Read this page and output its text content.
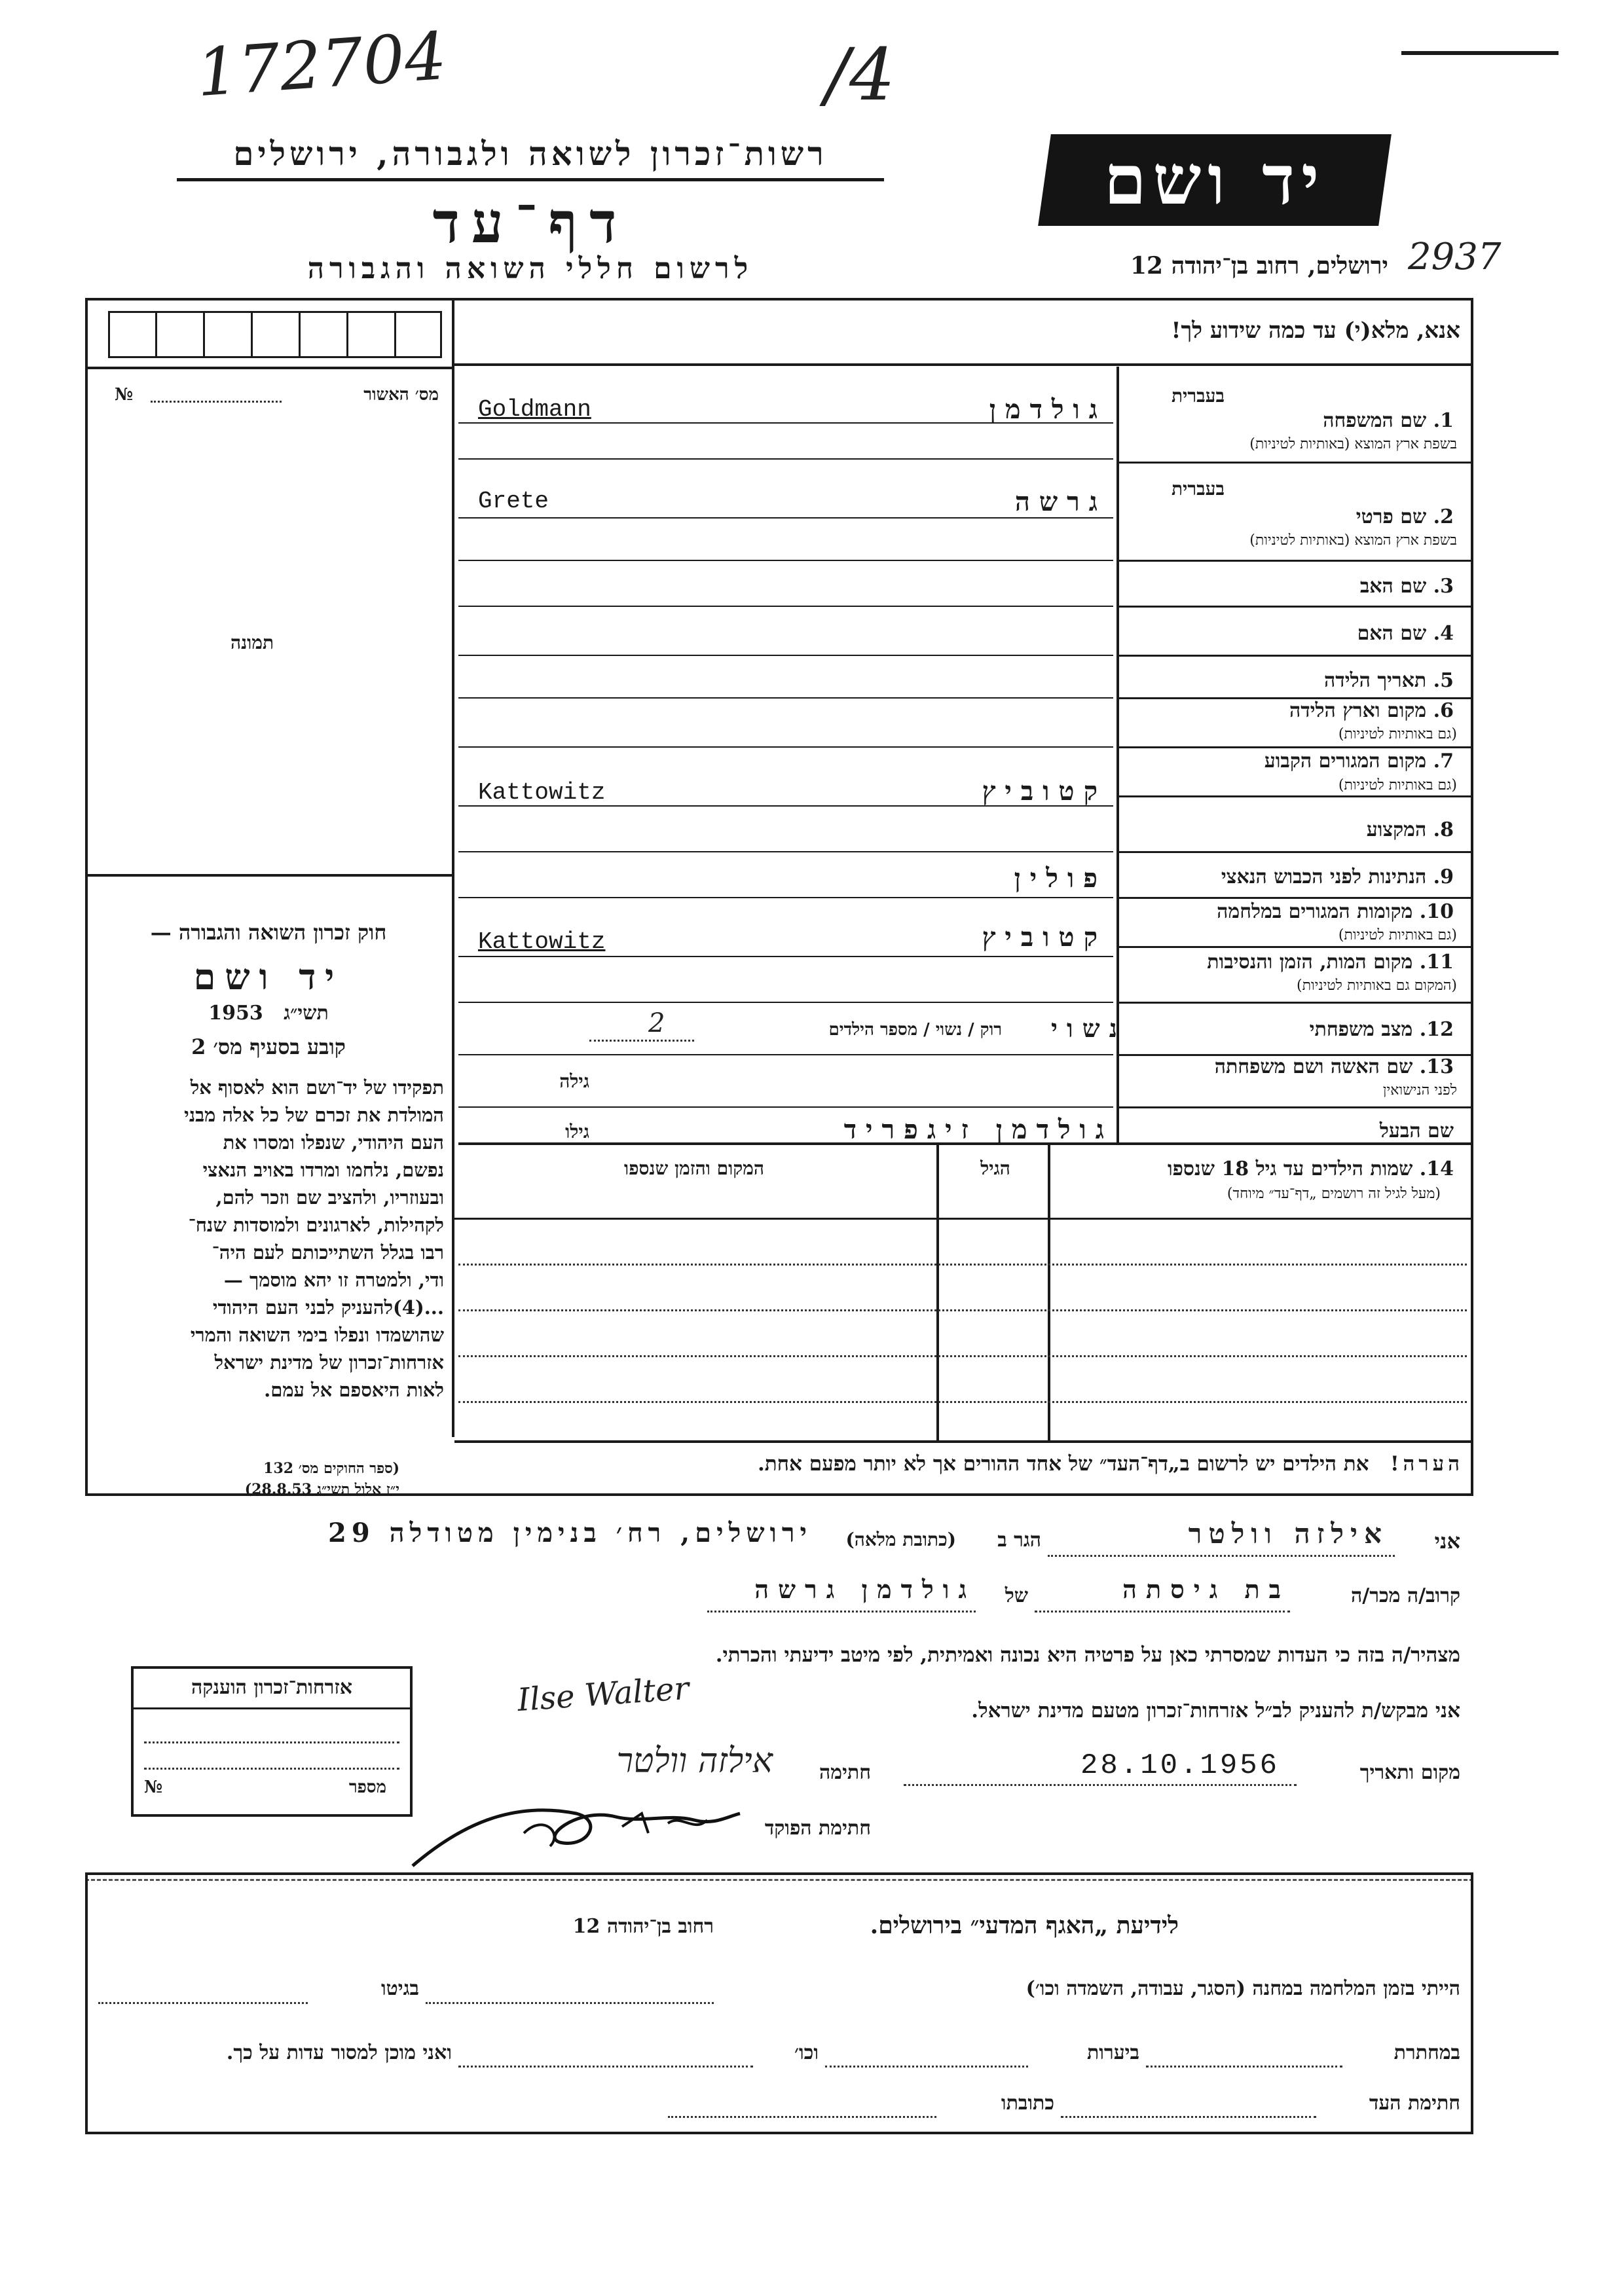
172704	/4
2937
רשות־זכרון לשואה ולגבורה, ירושלים
דף־עד
לרשום חללי השואה והגבורה
יד ושם
ירושלים, רחוב בן־יהודה 12
אנא, מלא(י) עד כמה שידוע לך!
מס׳ האשור
№
תמונה
חוק זכרון השואה והגבורה —
יד ושם
1953 תשי״ג
קובע בסעיף מס׳ 2
תפקידו של יד־ושם הוא לאסוף אל
המולדת את זכרם של כל אלה מבני
העם היהודי, שנפלו ומסרו את
נפשם, נלחמו ומרדו באויב הנאצי
ובעוזריו, ולהציב שם וזכר להם,
לקהילות, לארגונים ולמוסדות שנח־
רבו בגלל השתייכותם לעם היה־
ודי, ולמטרה זו יהא מוסמך —
...(4)להעניק לבני העם היהודי
שהושמדו ונפלו בימי השואה והמרי
אזרחות־זכרון של מדינת ישראל
לאות היאספם אל עמם.
(ספר החוקים מס׳ 132
י״ז אלול תשי״ג 28.8.53)
בעברית
1. שם המשפחה
בשפת ארץ המוצא (באותיות לטיניות)
גולדמן
Goldmann
בעברית
2. שם פרטי
בשפת ארץ המוצא (באותיות לטיניות)
גרשה
Grete
3. שם האב
4. שם האם
5. תאריך הלידה
6. מקום וארץ הלידה
(גם באותיות לטיניות)
7. מקום המגורים הקבוע
(גם באותיות לטיניות)
קטוביץ
Kattowitz
8. המקצוע
9. הנתינות לפני הכבוש הנאצי
פולין
10. מקומות המגורים במלחמה
(גם באותיות לטיניות)
קטוביץ
Kattowitz
11. מקום המות, הזמן והנסיבות
(המקום גם באותיות לטיניות)
12. מצב משפחתי
נשוי
רוק / נשוי / מספר הילדים
2
13. שם האשה ושם משפחתה
לפני הנישואין
גילה
שם הבעל
גולדמן זיגפריד
גילו
14. שמות הילדים עד גיל 18 שנספו
(מעל לגיל זה רושמים „דף־עד״ מיוחד)
הגיל
המקום והזמן שנספו
הערה!   את הילדים יש לרשום ב„דף־העד״ של אחד ההורים אך לא יותר מפעם אחת.
אני
אילזה וולטר
הגר ב
(כתובת מלאה)
ירושלים, רח׳ בנימין מטודלה 29
קרוב/ה מכר/ה
בת גיסתה
של
גולדמן גרשה
מצהיר/ה בזה כי העדות שמסרתי כאן על פרטיה היא נכונה ואמיתית, לפי מיטב ידיעתי והכרתי.
אני מבקש/ת להעניק לב״ל אזרחות־זכרון מטעם מדינת ישראל.
Ilse Walter
מקום ותאריך
28.10.1956
חתימה
אילזה וולטר
חתימת הפוקד
אזרחות־זכרון הוענקה
מספר
№
לידיעת „האגף המדעי״ בירושלים.
רחוב בן־יהודה 12
הייתי בזמן המלחמה במחנה (הסגר, עבודה, השמדה וכו׳)
בגיטו
במחתרת
ביערות
וכו׳
ואני מוכן למסור עדות על כך.
חתימת העד
כתובתו
